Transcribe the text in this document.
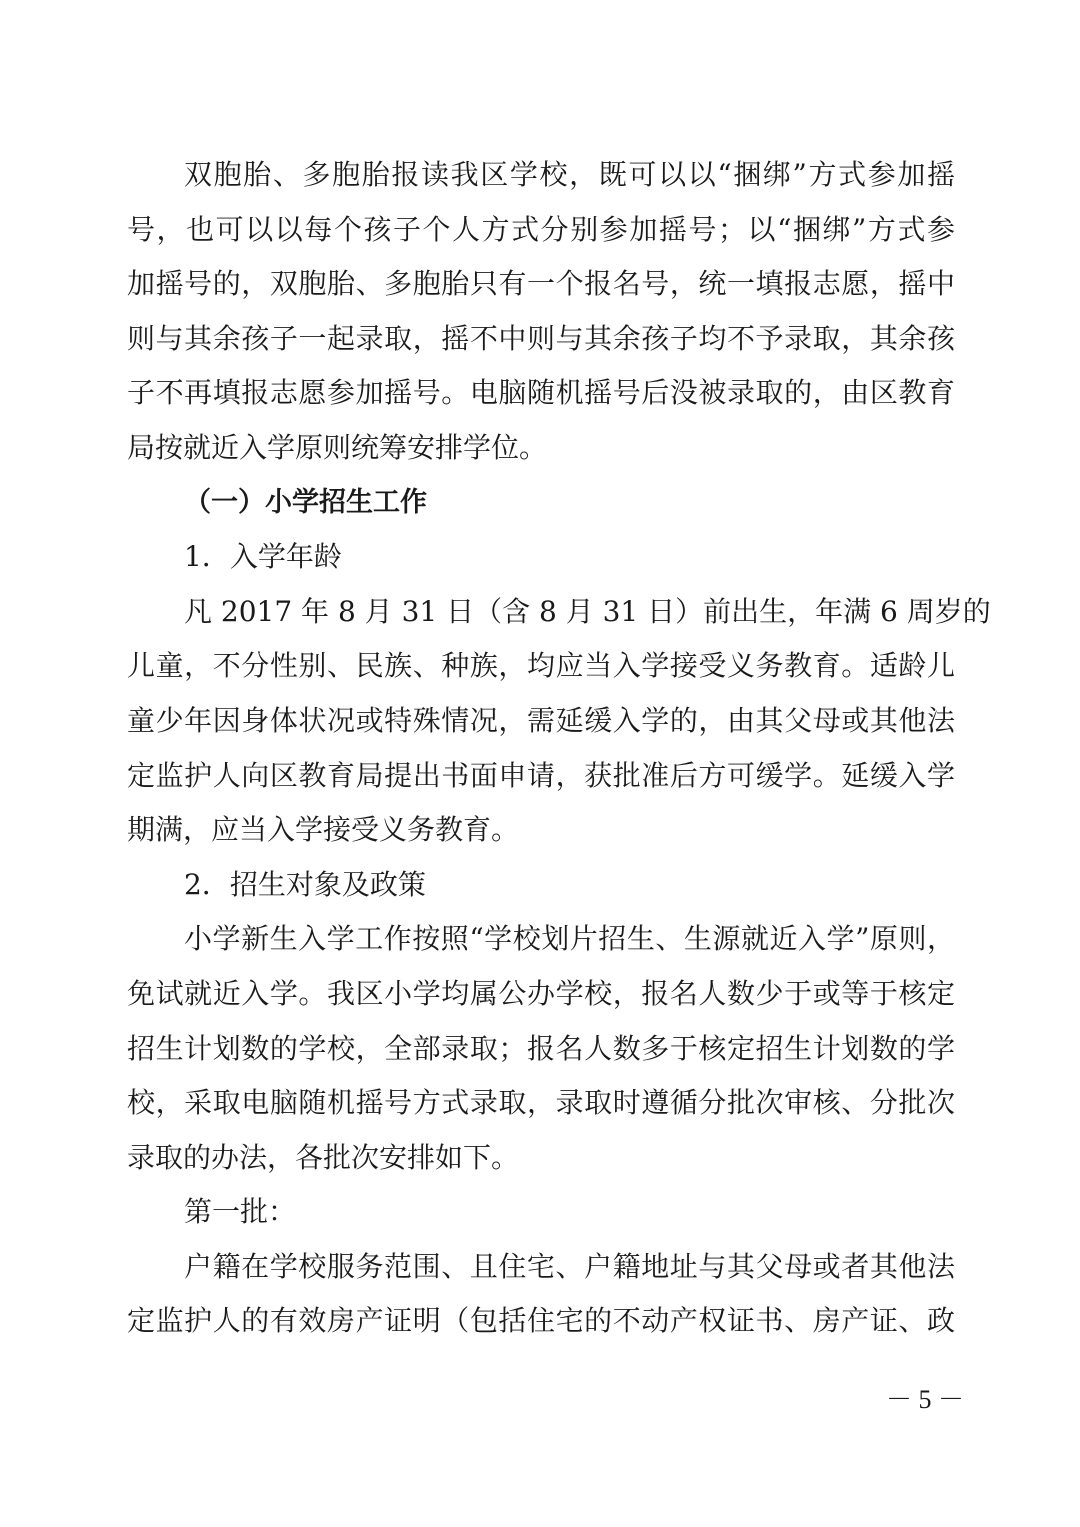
双胞胎、多胞胎报读我区学校，既可以以“捆绑”方式参加摇
号，也可以以每个孩子个人方式分别参加摇号；以“捆绑”方式参
加摇号的，双胞胎、多胞胎只有一个报名号，统一填报志愿，摇中
则与其余孩子一起录取，摇不中则与其余孩子均不予录取，其余孩
子不再填报志愿参加摇号。电脑随机摇号后没被录取的，由区教育
局按就近入学原则统筹安排学位。
（一）小学招生工作
1．入学年龄
凡 2017 年 8 月 31 日（含 8 月 31 日）前出生，年满 6 周岁的
儿童，不分性别、民族、种族，均应当入学接受义务教育。适龄儿
童少年因身体状况或特殊情况，需延缓入学的，由其父母或其他法
定监护人向区教育局提出书面申请，获批准后方可缓学。延缓入学
期满，应当入学接受义务教育。
2．招生对象及政策
小学新生入学工作按照“学校划片招生、生源就近入学”原则，
免试就近入学。我区小学均属公办学校，报名人数少于或等于核定
招生计划数的学校，全部录取；报名人数多于核定招生计划数的学
校，采取电脑随机摇号方式录取，录取时遵循分批次审核、分批次
录取的办法，各批次安排如下。
第一批：
户籍在学校服务范围、且住宅、户籍地址与其父母或者其他法
定监护人的有效房产证明（包括住宅的不动产权证书、房产证、政
－ 5 －
